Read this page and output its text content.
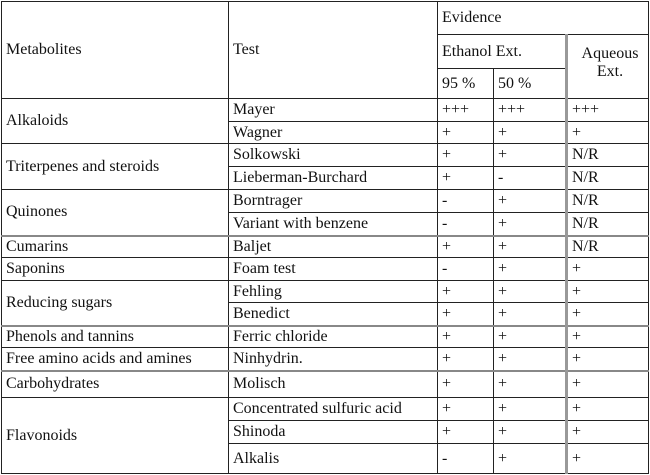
Metabolites	Test	Evidence		
		Ethanol Ext.		Aqueous Ext.
		95 %	50 %	
Alkaloids	Mayer	+++	+++	+++
	Wagner	+	+	+
Triterpenes and steroids	Solkowski	+	+	N/R
	Lieberman-Burchard	+	-	N/R
Quinones	Borntrager	-	+	N/R
	Variant with benzene	-	+	N/R
Cumarins	Baljet	+	+	N/R
Saponins	Foam test	-	+	+
Reducing sugars	Fehling	+	+	+
	Benedict	+	+	+
Phenols and tannins	Ferric chloride	+	+	+
Free amino acids and amines	Ninhydrin.	+	+	+
Carbohydrates	Molisch	+	+	+
Flavonoids	Concentrated sulfuric acid	+	+	+
	Shinoda	+	+	+
	Alkalis	-	+	+
